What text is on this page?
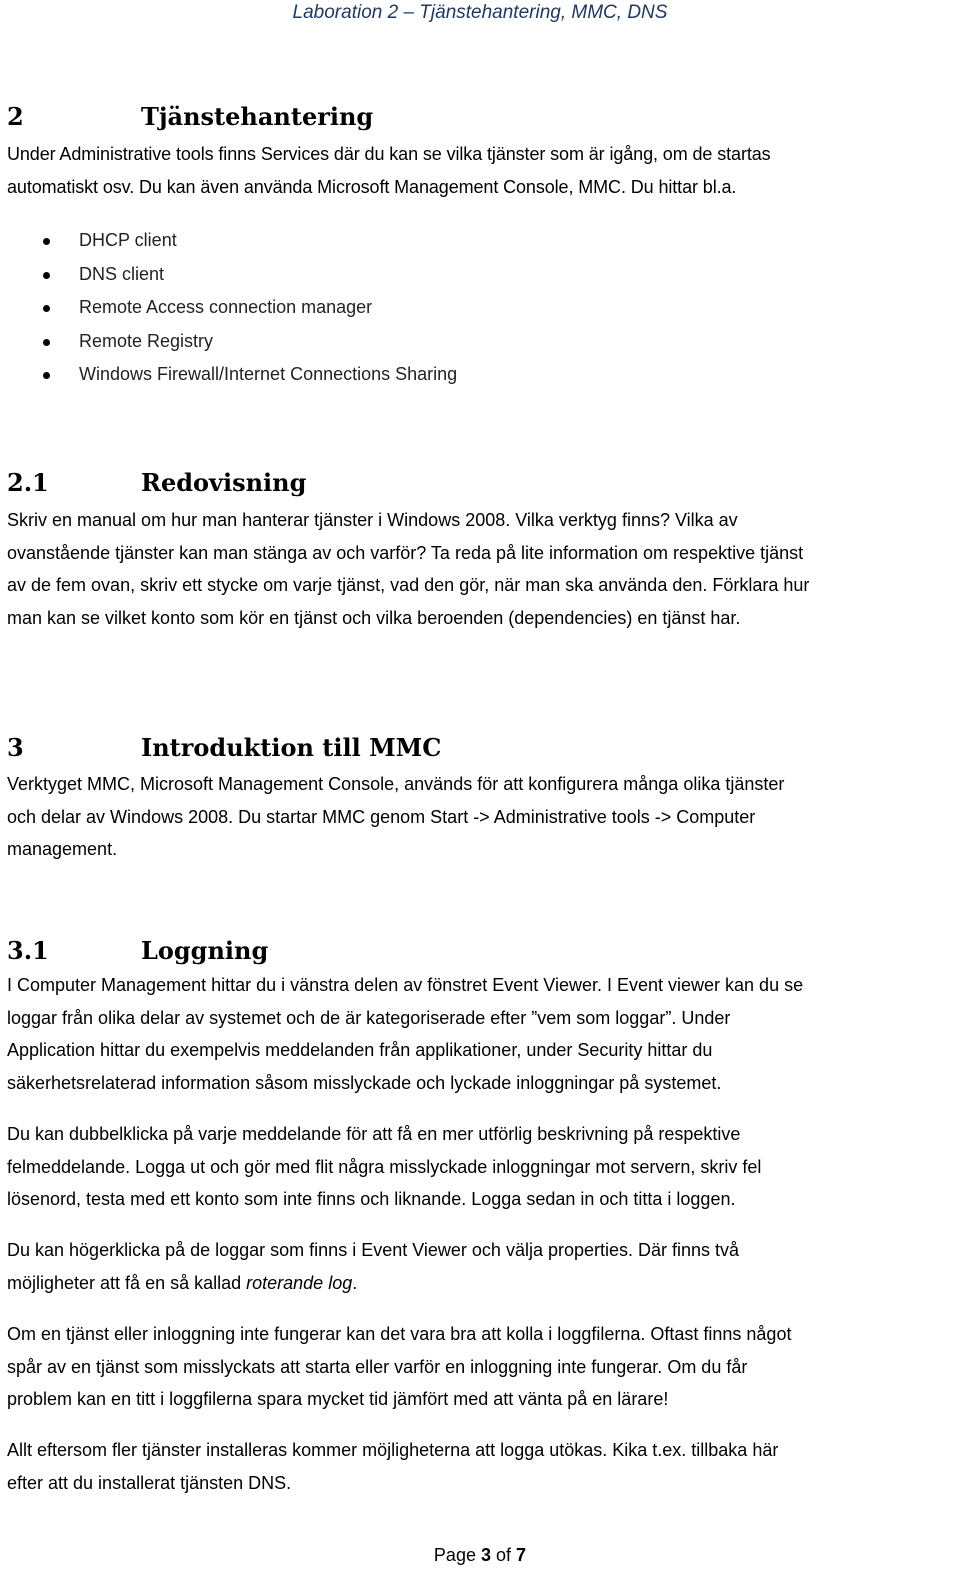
Laboration 2 – Tjänstehantering, MMC, DNS
2	Tjänstehantering
Under Administrative tools finns Services där du kan se vilka tjänster som är igång, om de startas
automatiskt osv. Du kan även använda Microsoft Management Console, MMC. Du hittar bl.a.
DHCP client
DNS client
Remote Access connection manager
Remote Registry
Windows Firewall/Internet Connections Sharing
2.1	Redovisning
Skriv en manual om hur man hanterar tjänster i Windows 2008. Vilka verktyg finns? Vilka av
ovanstående tjänster kan man stänga av och varför? Ta reda på lite information om respektive tjänst
av de fem ovan, skriv ett stycke om varje tjänst, vad den gör, när man ska använda den. Förklara hur
man kan se vilket konto som kör en tjänst och vilka beroenden (dependencies) en tjänst har.
3	Introduktion till MMC
Verktyget MMC, Microsoft Management Console, används för att konfigurera många olika tjänster
och delar av Windows 2008. Du startar MMC genom Start -> Administrative tools -> Computer
management.
3.1	Loggning
I Computer Management hittar du i vänstra delen av fönstret Event Viewer. I Event viewer kan du se
loggar från olika delar av systemet och de är kategoriserade efter ”vem som loggar”. Under
Application hittar du exempelvis meddelanden från applikationer, under Security hittar du
säkerhetsrelaterad information såsom misslyckade och lyckade inloggningar på systemet.
Du kan dubbelklicka på varje meddelande för att få en mer utförlig beskrivning på respektive
felmeddelande. Logga ut och gör med flit några misslyckade inloggningar mot servern, skriv fel
lösenord, testa med ett konto som inte finns och liknande. Logga sedan in och titta i loggen.
Du kan högerklicka på de loggar som finns i Event Viewer och välja properties. Där finns två
möjligheter att få en så kallad roterande log.
Om en tjänst eller inloggning inte fungerar kan det vara bra att kolla i loggfilerna. Oftast finns något
spår av en tjänst som misslyckats att starta eller varför en inloggning inte fungerar. Om du får
problem kan en titt i loggfilerna spara mycket tid jämfört med att vänta på en lärare!
Allt eftersom fler tjänster installeras kommer möjligheterna att logga utökas. Kika t.ex. tillbaka här
efter att du installerat tjänsten DNS.
Page 3 of 7
